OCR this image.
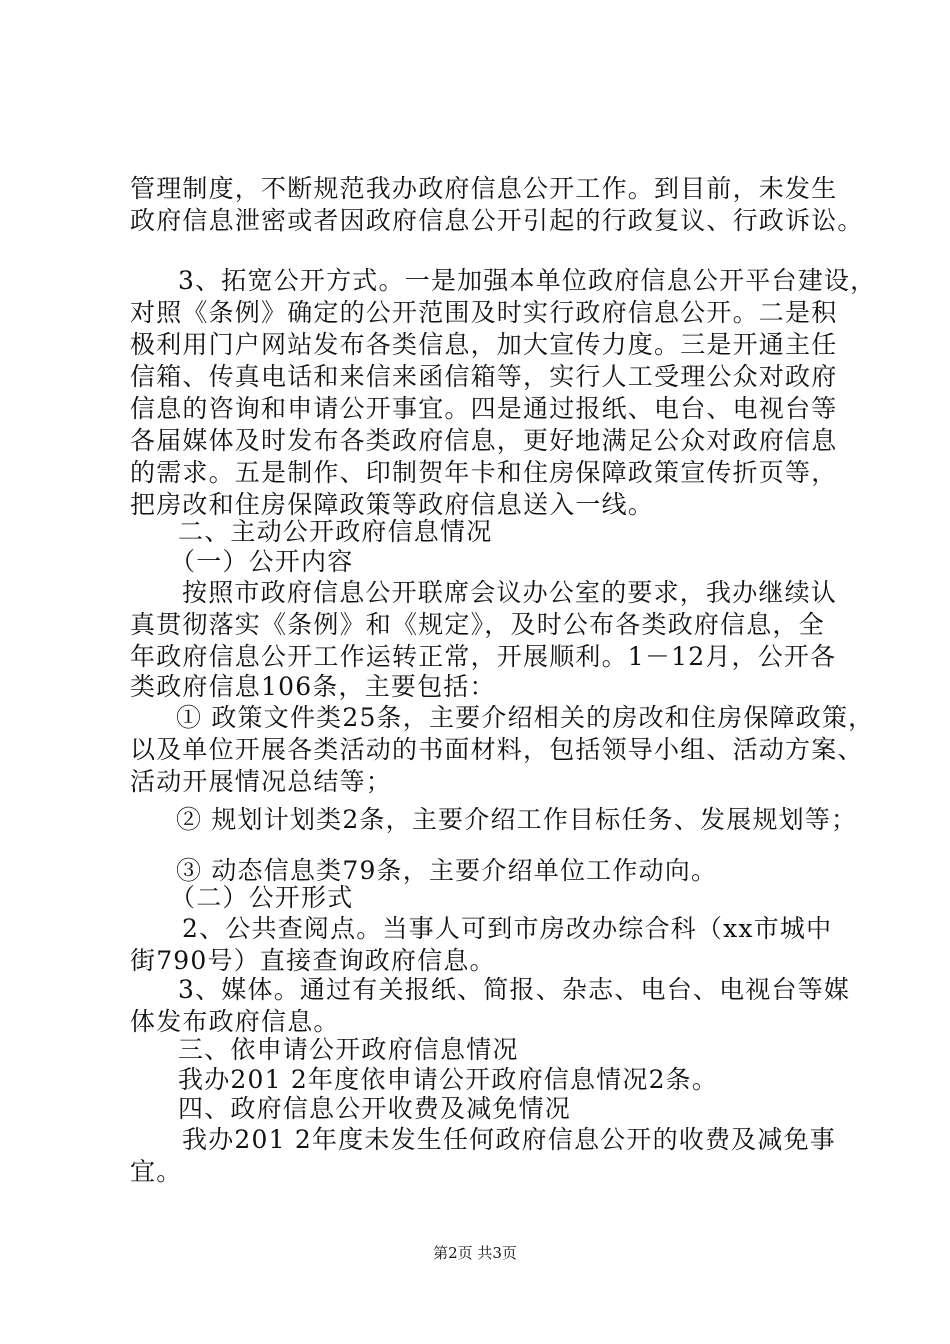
管理制度，不断规范我办政府信息公开工作。到目前，未发生
政府信息泄密或者因政府信息公开引起的行政复议、行政诉讼。
3、拓宽公开方式。一是加强本单位政府信息公开平台建设，
对照《条例》确定的公开范围及时实行政府信息公开。二是积
极利用门户网站发布各类信息，加大宣传力度。三是开通主任
信箱、传真电话和来信来函信箱等，实行人工受理公众对政府
信息的咨询和申请公开事宜。四是通过报纸、电台、电视台等
各届媒体及时发布各类政府信息，更好地满足公众对政府信息
的需求。五是制作、印制贺年卡和住房保障政策宣传折页等，
把房改和住房保障政策等政府信息送入一线。
二、主动公开政府信息情况
（一）公开内容
按照市政府信息公开联席会议办公室的要求，我办继续认
真贯彻落实《条例》和《规定》，及时公布各类政府信息，全
年政府信息公开工作运转正常，开展顺利。1－12月，公开各
类政府信息106条，主要包括：
① 政策文件类25条，主要介绍相关的房改和住房保障政策，
以及单位开展各类活动的书面材料，包括领导小组、活动方案、
活动开展情况总结等；
② 规划计划类2条，主要介绍工作目标任务、发展规划等；
③ 动态信息类79条，主要介绍单位工作动向。
（二）公开形式
2、公共查阅点。当事人可到市房改办综合科（xx市城中
街790号）直接查询政府信息。
3、媒体。通过有关报纸、简报、杂志、电台、电视台等媒
体发布政府信息。
三、依申请公开政府信息情况
我办201 2年度依申请公开政府信息情况2条。
四、政府信息公开收费及减免情况
我办201 2年度未发生任何政府信息公开的收费及减免事
宜。
第2页 共3页
